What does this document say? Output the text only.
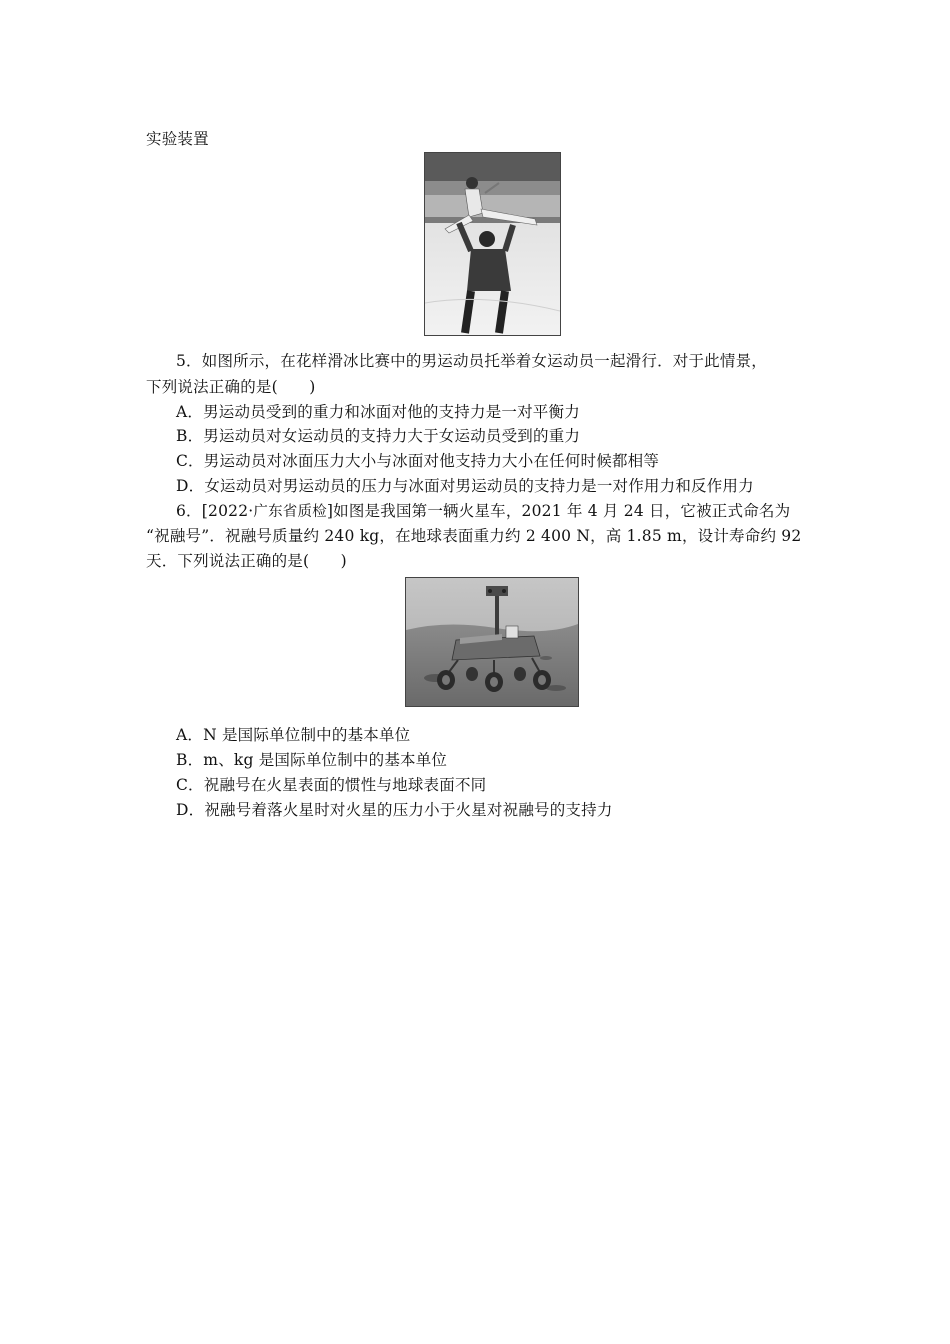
实验装置
5．如图所示，在花样滑冰比赛中的男运动员托举着女运动员一起滑行．对于此情景，
下列说法正确的是(　　)
A．男运动员受到的重力和冰面对他的支持力是一对平衡力
B．男运动员对女运动员的支持力大于女运动员受到的重力
C．男运动员对冰面压力大小与冰面对他支持力大小在任何时候都相等
D．女运动员对男运动员的压力与冰面对男运动员的支持力是一对作用力和反作用力
6．[2022·广东省质检]如图是我国第一辆火星车，2021 年 4 月 24 日，它被正式命名为
“祝融号”．祝融号质量约 240 kg，在地球表面重力约 2 400 N，高 1.85 m，设计寿命约 92
天．下列说法正确的是(　　)
A．N 是国际单位制中的基本单位
B．m、kg 是国际单位制中的基本单位
C．祝融号在火星表面的惯性与地球表面不同
D．祝融号着落火星时对火星的压力小于火星对祝融号的支持力
